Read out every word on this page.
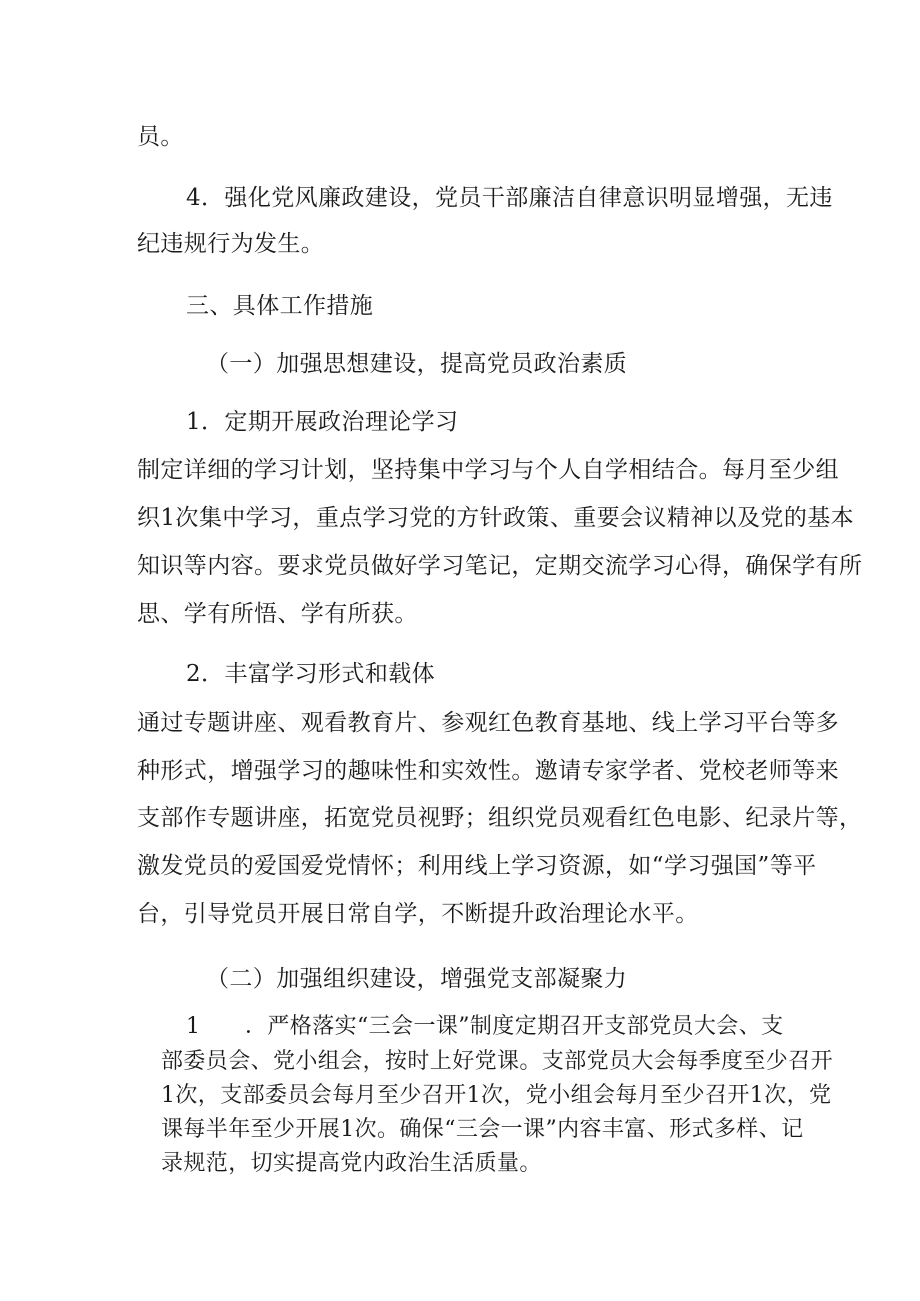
员。
4．强化党风廉政建设，党员干部廉洁自律意识明显增强，无违
纪违规行为发生。
三、具体工作措施
（一）加强思想建设，提高党员政治素质
1．定期开展政治理论学习
制定详细的学习计划，坚持集中学习与个人自学相结合。每月至少组
织1次集中学习，重点学习党的方针政策、重要会议精神以及党的基本
知识等内容。要求党员做好学习笔记，定期交流学习心得，确保学有所
思、学有所悟、学有所获。
2．丰富学习形式和载体
通过专题讲座、观看教育片、参观红色教育基地、线上学习平台等多
种形式，增强学习的趣味性和实效性。邀请专家学者、党校老师等来
支部作专题讲座，拓宽党员视野；组织党员观看红色电影、纪录片等，
激发党员的爱国爱党情怀；利用线上学习资源，如“学习强国”等平
台，引导党员开展日常自学，不断提升政治理论水平。
（二）加强组织建设，增强党支部凝聚力
1 ．严格落实“三会一课”制度定期召开支部党员大会、支
部委员会、党小组会，按时上好党课。支部党员大会每季度至少召开
1次，支部委员会每月至少召开1次，党小组会每月至少召开1次，党
课每半年至少开展1次。确保“三会一课”内容丰富、形式多样、记
录规范，切实提高党内政治生活质量。
